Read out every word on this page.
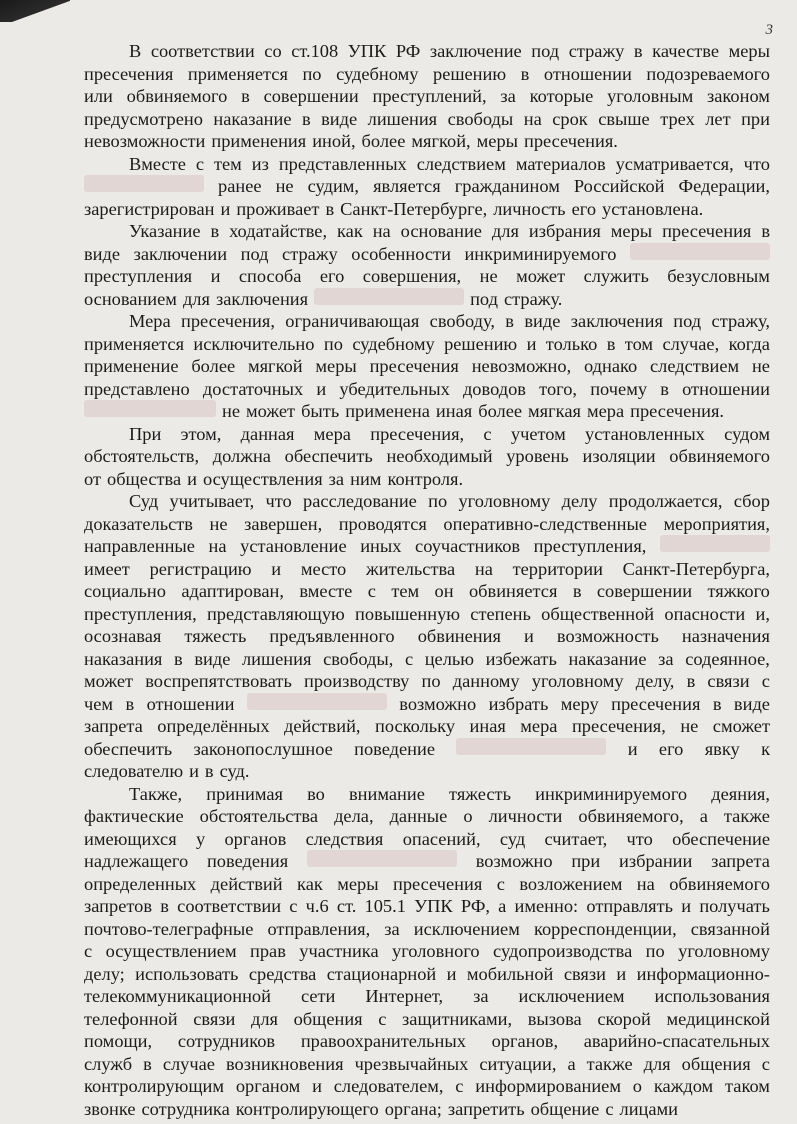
3
В соответствии со ст.108 УПК РФ заключение под стражу в качестве меры
пресечения применяется по судебному решению в отношении подозреваемого
или обвиняемого в совершении преступлений, за которые уголовным законом
предусмотрено наказание в виде лишения свободы на срок свыше трех лет при
невозможности применения иной, более мягкой, меры пресечения.
Вместе с тем из представленных следствием материалов усматривается, что
ранее не судим, является гражданином Российской Федерации,
зарегистрирован и проживает в Санкт-Петербурге, личность его установлена.
Указание в ходатайстве, как на основание для избрания меры пресечения в
виде заключении под стражу особенности инкриминируемого
преступления и способа его совершения, не может служить безусловным
основанием для заключения	под стражу.
Мера пресечения, ограничивающая свободу, в виде заключения под стражу,
применяется исключительно по судебному решению и только в том случае, когда
применение более мягкой меры пресечения невозможно, однако следствием не
представлено достаточных и убедительных доводов того, почему в отношении
не может быть применена иная более мягкая мера пресечения.
При этом, данная мера пресечения, с учетом установленных судом
обстоятельств, должна обеспечить необходимый уровень изоляции обвиняемого
от общества и осуществления за ним контроля.
Суд учитывает, что расследование по уголовному делу продолжается, сбор
доказательств не завершен, проводятся оперативно-следственные мероприятия,
направленные на установление иных соучастников преступления,
имеет регистрацию и место жительства на территории Санкт-Петербурга,
социально адаптирован, вместе с тем он обвиняется в совершении тяжкого
преступления, представляющую повышенную степень общественной опасности и,
осознавая тяжесть предъявленного обвинения и возможность назначения
наказания в виде лишения свободы, с целью избежать наказание за содеянное,
может воспрепятствовать производству по данному уголовному делу, в связи с
чем в отношении	возможно избрать меру пресечения в виде
запрета определённых действий, поскольку иная мера пресечения, не сможет
обеспечить законопослушное поведение	и его явку к
следователю и в суд.
Также, принимая во внимание тяжесть инкриминируемого деяния,
фактические обстоятельства дела, данные о личности обвиняемого, а также
имеющихся у органов следствия опасений, суд считает, что обеспечение
надлежащего поведения	возможно при избрании запрета
определенных действий как меры пресечения с возложением на обвиняемого
запретов в соответствии с ч.6 ст. 105.1 УПК РФ, а именно: отправлять и получать
почтово-телеграфные отправления, за исключением корреспонденции, связанной
с осуществлением прав участника уголовного судопроизводства по уголовному
делу; использовать средства стационарной и мобильной связи и информационно-
телекоммуникационной сети Интернет, за исключением использования
телефонной связи для общения с защитниками, вызова скорой медицинской
помощи, сотрудников правоохранительных органов, аварийно-спасательных
служб в случае возникновения чрезвычайных ситуации, а также для общения с
контролирующим органом и следователем, с информированием о каждом таком
звонке сотрудника контролирующего органа; запретить общение с лицами
